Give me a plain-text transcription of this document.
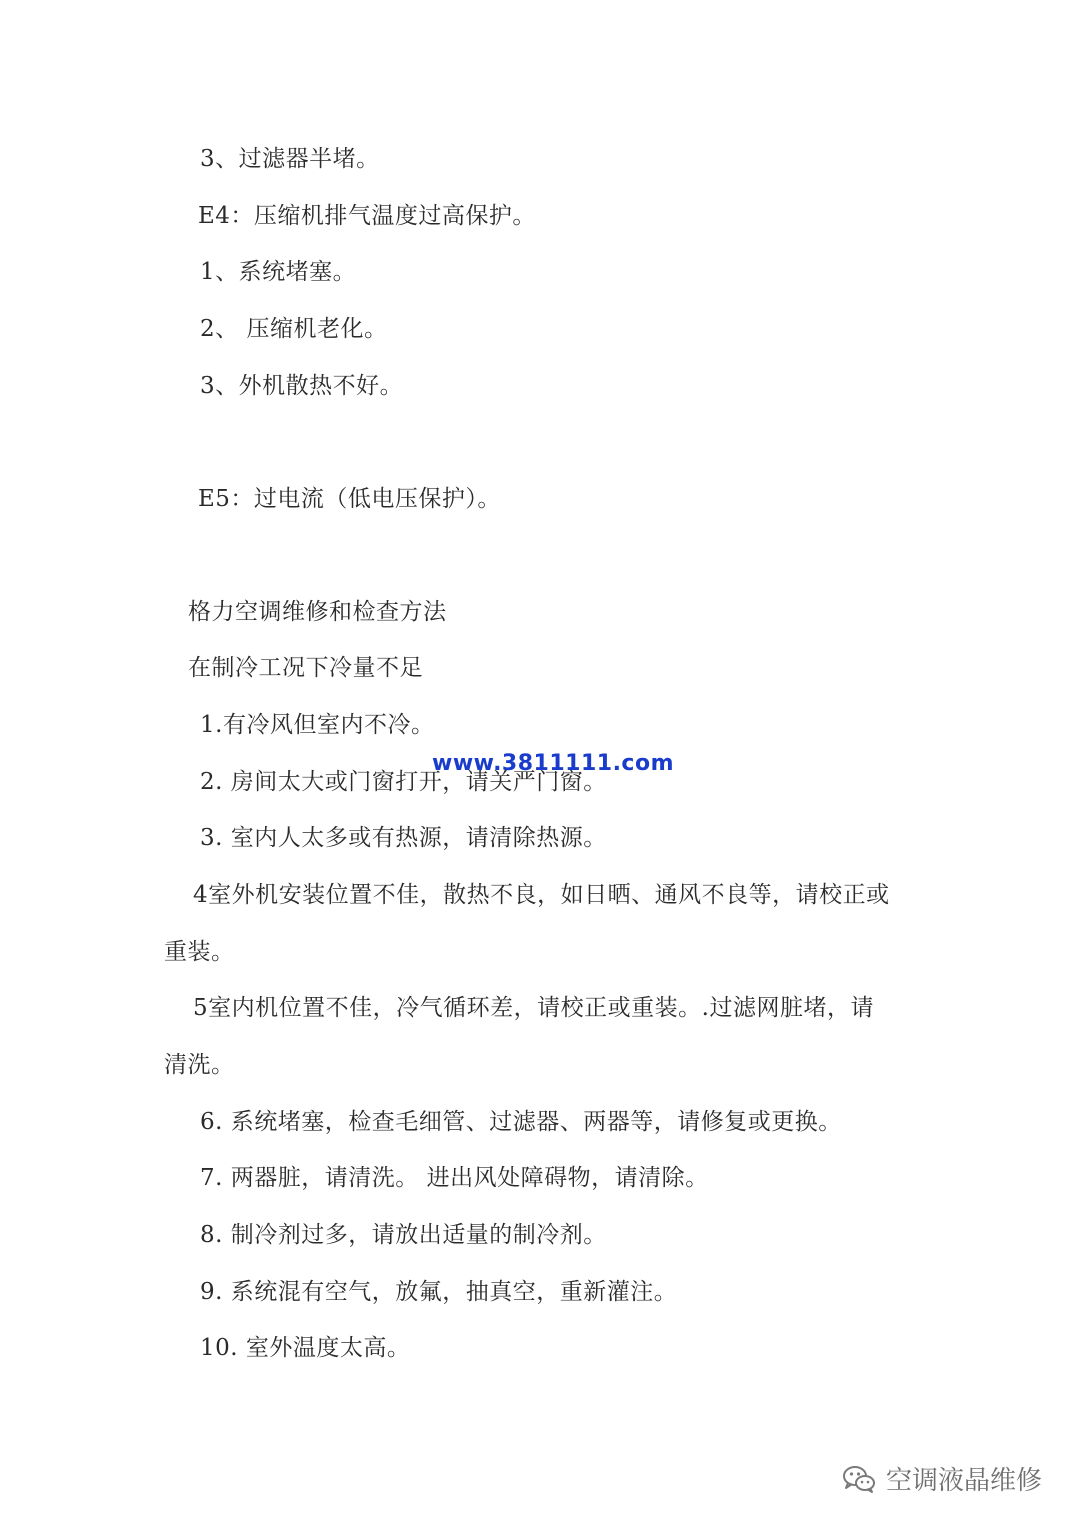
3、过滤器半堵。
E4：压缩机排气温度过高保护。
1、系统堵塞。
2、 压缩机老化。
3、外机散热不好。
E5：过电流（低电压保护）。
格力空调维修和检查方法
在制冷工况下冷量不足
1.有冷风但室内不冷。
2. 房间太大或门窗打开，请关严门窗。
3. 室内人太多或有热源，请清除热源。
4室外机安装位置不佳，散热不良，如日晒、通风不良等，请校正或
重装。
5室内机位置不佳，冷气循环差，请校正或重装。.过滤网脏堵，请
清洗。
6. 系统堵塞，检查毛细管、过滤器、两器等，请修复或更换。
7. 两器脏，请清洗。 进出风处障碍物，请清除。
8. 制冷剂过多，请放出适量的制冷剂。
9. 系统混有空气，放氟，抽真空，重新灌注。
10. 室外温度太高。
www.3811111.com
空调液晶维修
